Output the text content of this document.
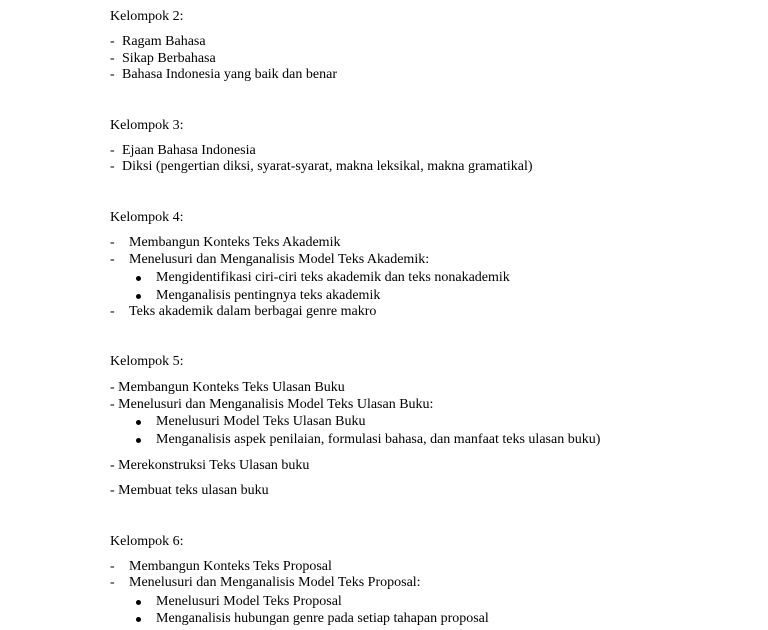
Kelompok 2:
- Ragam Bahasa
- Sikap Berbahasa
- Bahasa Indonesia yang baik dan benar
Kelompok 3:
- Ejaan Bahasa Indonesia
- Diksi (pengertian diksi, syarat-syarat, makna leksikal, makna gramatikal)
Kelompok 4:
- Membangun Konteks Teks Akademik
- Menelusuri dan Menganalisis Model Teks Akademik:
Mengidentifikasi ciri-ciri teks akademik dan teks nonakademik
Menganalisis pentingnya teks akademik
- Teks akademik dalam berbagai genre makro
Kelompok 5:
- Membangun Konteks Teks Ulasan Buku
- Menelusuri dan Menganalisis Model Teks Ulasan Buku:
Menelusuri Model Teks Ulasan Buku
Menganalisis aspek penilaian, formulasi bahasa, dan manfaat teks ulasan buku)
- Merekonstruksi Teks Ulasan buku
- Membuat teks ulasan buku
Kelompok 6:
- Membangun Konteks Teks Proposal
- Menelusuri dan Menganalisis Model Teks Proposal:
Menelusuri Model Teks Proposal
Menganalisis hubungan genre pada setiap tahapan proposal
